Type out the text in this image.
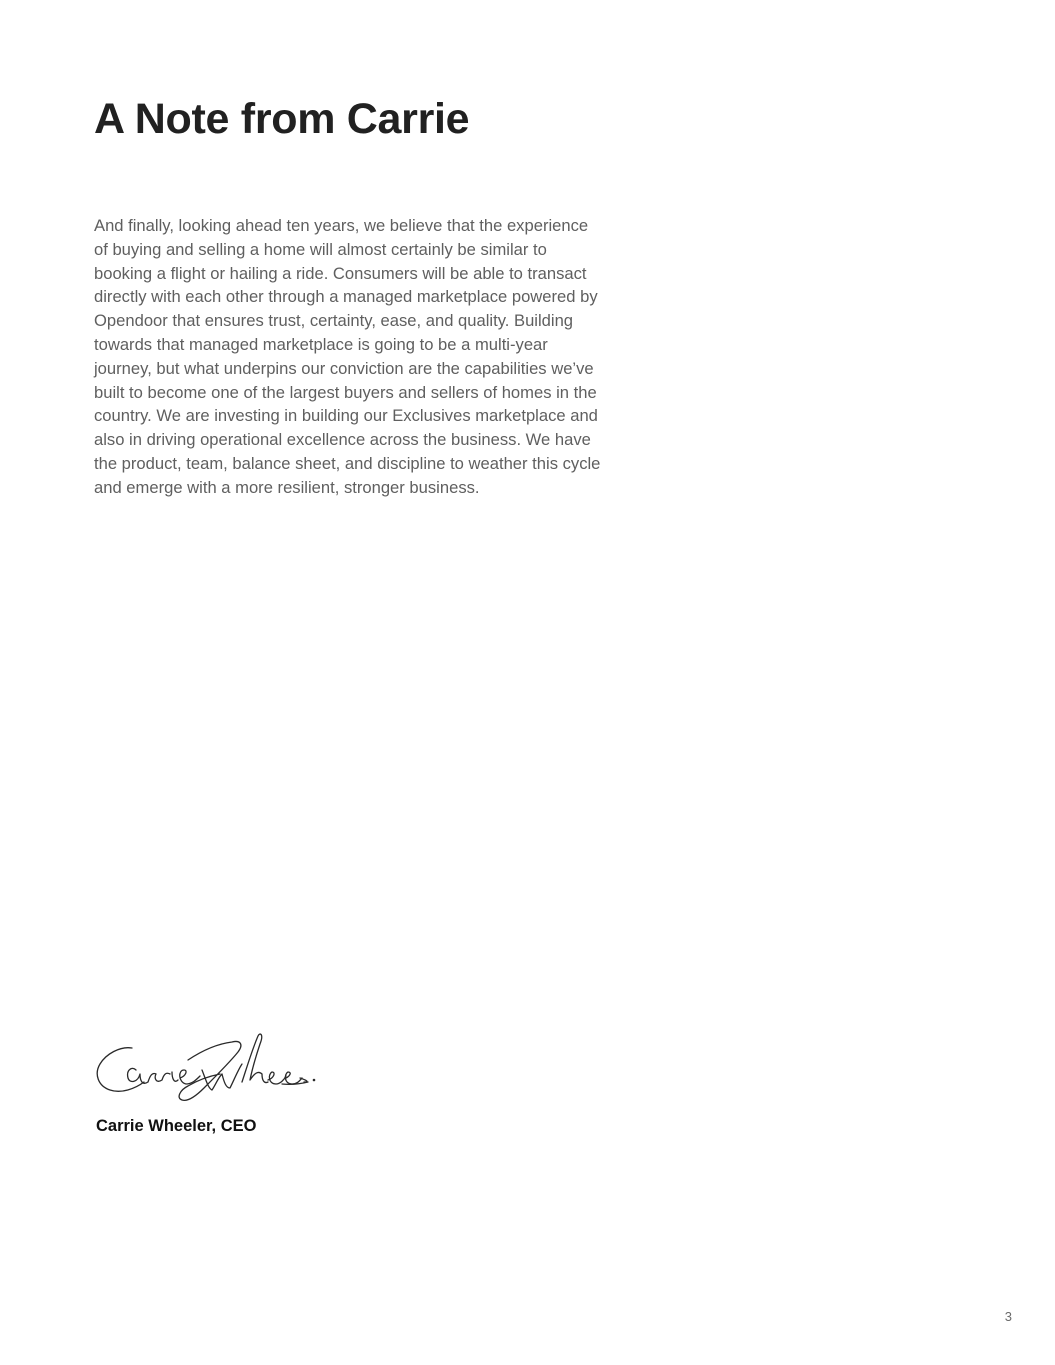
A Note from Carrie

And finally, looking ahead ten years, we believe that the experience of buying and selling a home will almost certainly be similar to booking a flight or hailing a ride. Consumers will be able to transact directly with each other through a managed marketplace powered by Opendoor that ensures trust, certainty, ease, and quality. Building towards that managed marketplace is going to be a multi-year journey, but what underpins our conviction are the capabilities we’ve built to become one of the largest buyers and sellers of homes in the country. We are investing in building our Exclusives marketplace and also in driving operational excellence across the business. We have the product, team, balance sheet, and discipline to weather this cycle and emerge with a more resilient, stronger business.

Carrie Wheeler, CEO

3
